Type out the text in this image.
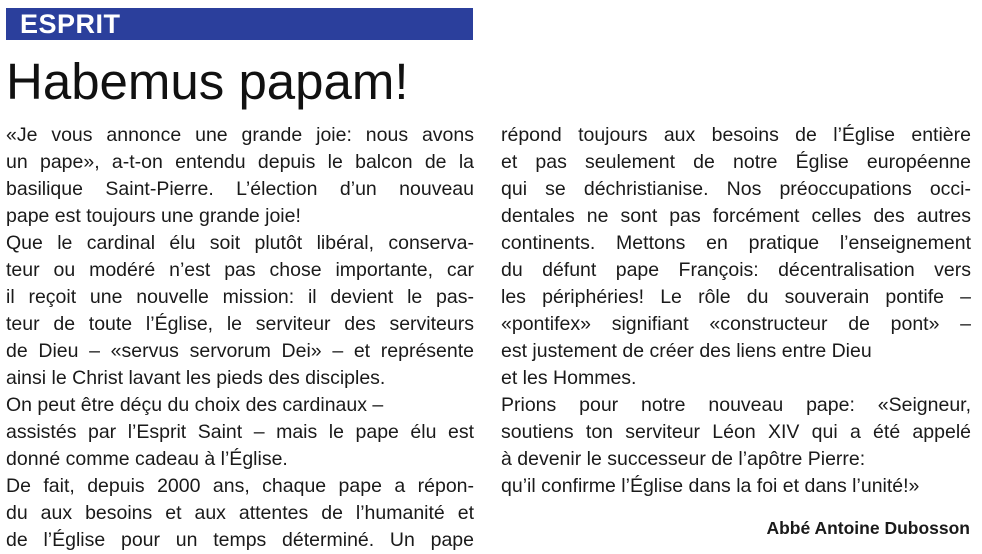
ESPRIT
Habemus papam!
«Je vous annonce une grande joie: nous avons
un pape», a-t-on entendu depuis le balcon de la
basilique Saint-Pierre. L’élection d’un nouveau
pape est toujours une grande joie!
Que le cardinal élu soit plutôt libéral, conserva-
teur ou modéré n’est pas chose importante, car
il reçoit une nouvelle mission: il devient le pas-
teur de toute l’Église, le serviteur des serviteurs
de Dieu – «servus servorum Dei» – et représente
ainsi le Christ lavant les pieds des disciples.
On peut être déçu du choix des cardinaux –
assistés par l’Esprit Saint – mais le pape élu est
donné comme cadeau à l’Église.
De fait, depuis 2000 ans, chaque pape a répon-
du aux besoins et aux attentes de l’humanité et
de l’Église pour un temps déterminé. Un pape
répond toujours aux besoins de l’Église entière
et pas seulement de notre Église européenne
qui se déchristianise. Nos préoccupations occi-
dentales ne sont pas forcément celles des autres
continents. Mettons en pratique l’enseignement
du défunt pape François: décentralisation vers
les périphéries! Le rôle du souverain pontife –
«pontifex» signifiant «constructeur de pont» –
est justement de créer des liens entre Dieu
et les Hommes.
Prions pour notre nouveau pape: «Seigneur,
soutiens ton serviteur Léon XIV qui a été appelé
à devenir le successeur de l’apôtre Pierre:
qu’il confirme l’Église dans la foi et dans l’unité!»
Abbé Antoine Dubosson
